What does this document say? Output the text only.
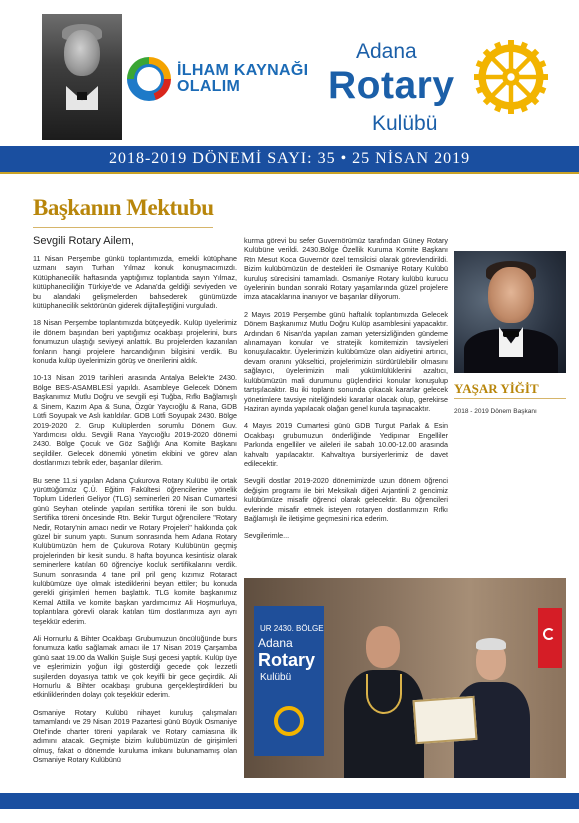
İLHAM KAYNAĞI
OLALIM
Adana
Rotary
Kulübü
2018-2019 DÖNEMİ SAYI: 35 • 25 NİSAN 2019
Başkanın Mektubu
Sevgili Rotary Ailem,

11 Nisan Perşembe günkü toplantımızda, emekli kütüphane uzmanı sayın Turhan Yılmaz konuk konuşmacımızdı. Kütüphanecilik haftasında yaptığımız toplantıda sayın Yılmaz, kütüphaneciliğin Türkiye'de ve Adana'da geldiği seviyeden ve bu alandaki gelişmelerden bahsederek günümüzde kütüphanecilik sektörünün giderek dijitalleştiğini vurguladı.

18 Nisan Perşembe toplantımızda bütçeyedik. Kulüp üyelerimiz ile dönem başından beri yaptığımız ocakbaşı projelerini, burs fonumuzun ulaştığı seviyeyi anlattık. Bu projelerden kazanılan fonların hangi projelere harcandığının bilgisini verdik. Bu konuda kulüp üyelerimizin görüş ve önerilerini aldık.

10-13 Nisan 2019 tarihleri arasında Antalya Belek'te 2430. Bölge BES-ASAMBLESİ yapıldı. Asambleye Gelecek Dönem Başkanımız Mutlu Doğru ve sevgili eşi Tuğba, Rıfkı Bağlamışlı & Sinem, Kazım Apa & Suna, Özgür Yaycıoğlu & Rana, GDB Lütfi Soyupak ve Aslı katıldılar. GDB Lütfi Soyupak 2430. Bölge 2019-2020 2. Grup Kulüplerden sorumlu Dönem Guv. Yardımcısı oldu. Sevgili Rana Yaycıoğlu 2019-2020 dönemi 2430. Bölge Çocuk ve Göz Sağlığı Ana Komite Başkanı seçildiler. Gelecek dönemki yönetim ekibini ve görev alan dostlarımızı tebrik eder, başarılar dilerim.

Bu sene 11.si yapılan Adana Çukurova Rotary Kulübü ile ortak yürüttüğümüz Ç.Ü. Eğitim Fakültesi öğrencilerine yönelik Toplum Liderleri Geliyor (TLG) seminerleri 20 Nisan Cumartesi günü Seyhan otelinde yapılan sertifika töreni ile son buldu. Sertifika töreni öncesinde Rtn. Bekir Turgut öğrencilere "Rotary Nedir, Rotary'nin amacı nedir ve Rotary Projeleri" hakkında çok güzel bir sunum yaptı. Sunum sonrasında hem Adana Rotary Kulübümüzün hem de Çukurova Rotary Kulübünün geçmiş projelerinden bir kesit sundu. 8 hafta boyunca kesintisiz olarak seminerlere katılan 60 öğrenciye kocluk sertifikalarını verdik. Sunum sonrasında 4 tane pril pril genç kızımız Rotaract kulübümüze üye olmak istediklerini beyan ettiler; bu konuda gerekli girişimleri hemen başlattık. TLG komite başkanımız Kemal Attilla ve komite başkan yardımcımız Ali Hoşmurluya, toplantılara görevli olarak katılan tüm dostlarımıza ayrı ayrı teşekkür ederim.

Ali Hornurlu & Bihter Ocakbaşı Grubumuzun öncülüğünde burs fonumuza katkı sağlamak amacı ile 17 Nisan 2019 Çarşamba günü saat 19.00 da Walkin Şuişle Suşi gecesi yaptık. Kulüp üye ve eşlerimizin yoğun ilgi gösterdiği gecede çok lezzetli suşilerden doyasıya tattık ve çok keyifli bir gece geçirdik. Ali Hornurlu & Bihter ocakbaşı grubuna gerçekleştirdikleri bu etkinliklerinden dolayı çok teşekkür ederim.

Osmaniye Rotary Kulübü nihayet kuruluş çalışmaları tamamlandı ve 29 Nisan 2019 Pazartesi günü Büyük Osmaniye Otel'inde charter töreni yapılarak ve Rotary camiasına ilk adımını atacak. Geçmişte bizim kulübümüzün de girişimleri olmuş, fakat o dönemde kuruluma imkanı bulunamamış olan Osmaniye Rotary Kulübünü

kurma görevi bu sefer Guvernörümüz tarafından Güney Rotary Kulübüne verildi. 2430.Bölge Özellik Kuruma Komite Başkanı Rtn Mesut Koca Guvernör özel temsilcisi olarak görevlendirildi. Bizim kulübümüzün de destekleri ile Osmaniye Rotary Kulübü kuruluş sürecisini tamamladı. Osmaniye Rotary kulübü kurucu üyelerinin bundan sonraki Rotary yaşamlarında güzel projelere imza atacaklarına inanıyor ve başarılar diliyorum.

2 Mayıs 2019 Perşembe günü haftalık toplantımızda Gelecek Dönem Başkanımız Mutlu Doğru Kulüp asamblesini yapacaktır. Ardından 6 Nisan'da yapılan zaman yetersizliğinden gündeme alınamayan konular ve stratejik komitemizin tavsiyeleri konuşulacaktır. Üyelerimizin kulübümüze olan aidiyetini artırıcı, devam oranını yükseltici, projelerimizin sürdürülebilir olmasını sağlayıcı, üyelerimizin mali yükümlülüklerini azaltıcı, kulübümüzün mali durumunu güçlendirici konular konuşulup tartışılacaktır. Bu iki toplantı sonunda çıkacak kararlar gelecek yönetimlere tavsiye niteliğindeki kararlar olacak olup, gerekirse Haziran ayında yapılacak olağan genel kurula taşınacaktır.

4 Mayıs 2019 Cumartesi günü GDB Turgut Parlak & Esin Ocakbaşı grubumuzun önderliğinde Yedipınar Engelliler Parkında engelliler ve aileleri ile sabah 10.00-12.00 arasında kahvaltı yapılacaktır. Kahvaltıya bursiyerlerimiz de davet edilecektir.

Sevgili dostlar 2019-2020 dönemimizde uzun dönem öğrenci değişim programı ile biri Meksikalı diğeri Arjantinli 2 gencimiz kulübümüze misafir öğrenci olarak gelecektir. Bu öğrencileri evlerinde misafir etmek isteyen rotaryen dostlarımızın Rıfkı Bağlamışlı ile iletişime geçmesini rica ederim.

Sevgilerimle...

YAŞAR YİĞİT
2018 - 2019 Dönem Başkanı
UR 2430. BÖLGE
Adana
Rotary
Kulübü
